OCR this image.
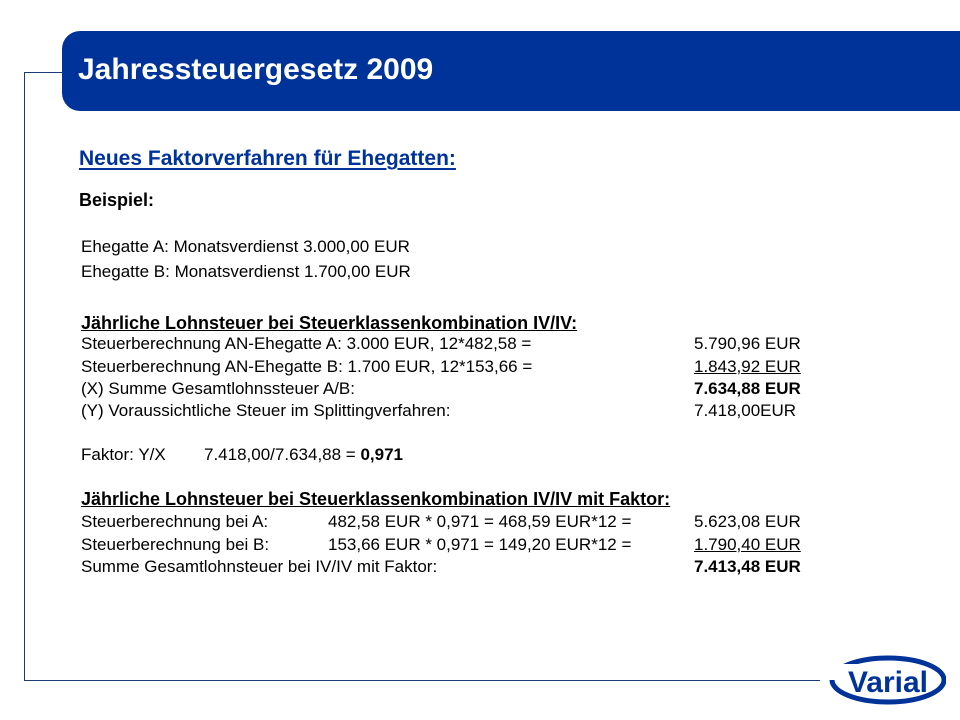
Jahressteuergesetz 2009
Neues Faktorverfahren für Ehegatten:
Beispiel:
Ehegatte A: Monatsverdienst 3.000,00 EUR
Ehegatte B: Monatsverdienst 1.700,00 EUR
Jährliche Lohnsteuer bei Steuerklassenkombination IV/IV:
Steuerberechnung AN-Ehegatte A: 3.000 EUR, 12*482,58 =	5.790,96 EUR
Steuerberechnung AN-Ehegatte B: 1.700 EUR, 12*153,66 =	1.843,92 EUR
(X) Summe Gesamtlohnssteuer A/B:	7.634,88 EUR
(Y) Voraussichtliche Steuer im Splittingverfahren:	7.418,00EUR
Faktor: Y/X 7.418,00/7.634,88 = 0,971
Jährliche Lohnsteuer bei Steuerklassenkombination IV/IV mit Faktor:
Steuerberechnung bei A:	482,58 EUR * 0,971 = 468,59 EUR*12 =	5.623,08 EUR
Steuerberechnung bei B:	153,66 EUR * 0,971 = 149,20 EUR*12 =	1.790,40 EUR
Summe Gesamtlohnsteuer bei IV/IV mit Faktor:	7.413,48 EUR
Varial
